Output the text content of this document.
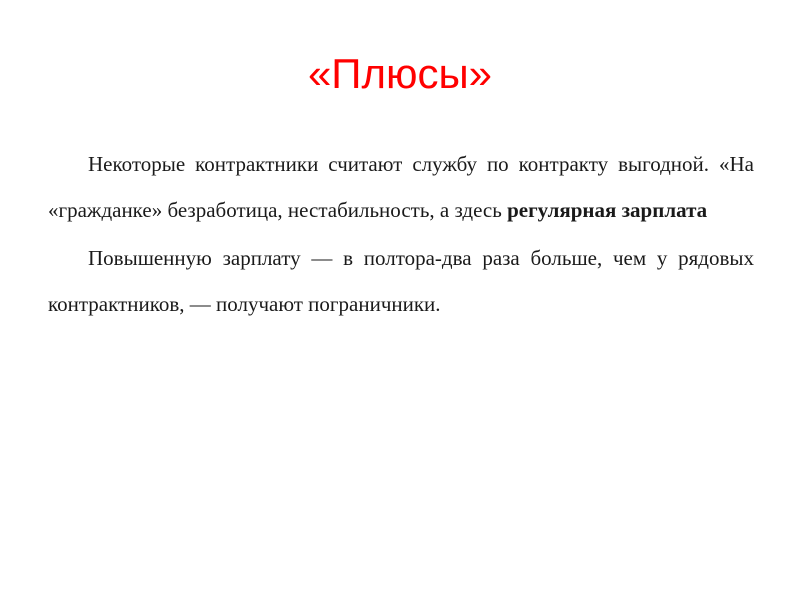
«Плюсы»

Некоторые контрактники считают службу по контракту выгодной. «На «гражданке» безработица, нестабильность, а здесь регулярная зарплата

Повышенную зарплату — в полтора-два раза больше, чем у рядовых контрактников, — получают пограничники.
